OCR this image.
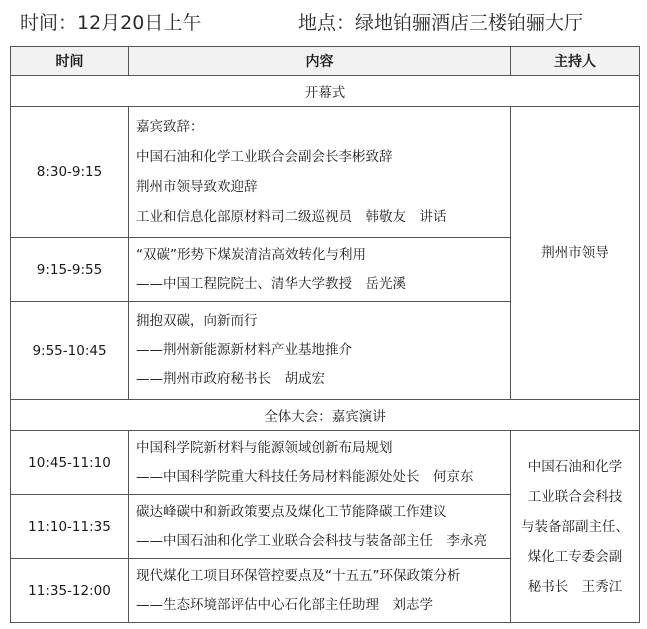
时间：12月20日上午	地点：绿地铂骊酒店三楼铂骊大厅
时间	内容	主持人
开幕式		
8:30-9:15	嘉宾致辞：
中国石油和化学工业联合会副会长李彬致辞
荆州市领导致欢迎辞
工业和信息化部原材料司二级巡视员　韩敬友　讲话	荆州市领导

9:15-9:55	“双碳”形势下煤炭清洁高效转化与利用
——中国工程院院士、清华大学教授　岳光溪	

9:55-10:45	拥抱双碳，向新而行
——荆州新能源新材料产业基地推介
——荆州市政府秘书长　胡成宏	

全体大会：嘉宾演讲		
10:45-11:10	中国科学院新材料与能源领域创新布局规划
——中国科学院重大科技任务局材料能源处处长　何京东	中国石油和化学
工业联合会科技
与装备部副主任、
煤化工专委会副
秘书长　王秀江

11:10-11:35	碳达峰碳中和新政策要点及煤化工节能降碳工作建议
——中国石油和化学工业联合会科技与装备部主任　李永亮	

11:35-12:00	现代煤化工项目环保管控要点及“十五五”环保政策分析
——生态环境部评估中心石化部主任助理　刘志学	
